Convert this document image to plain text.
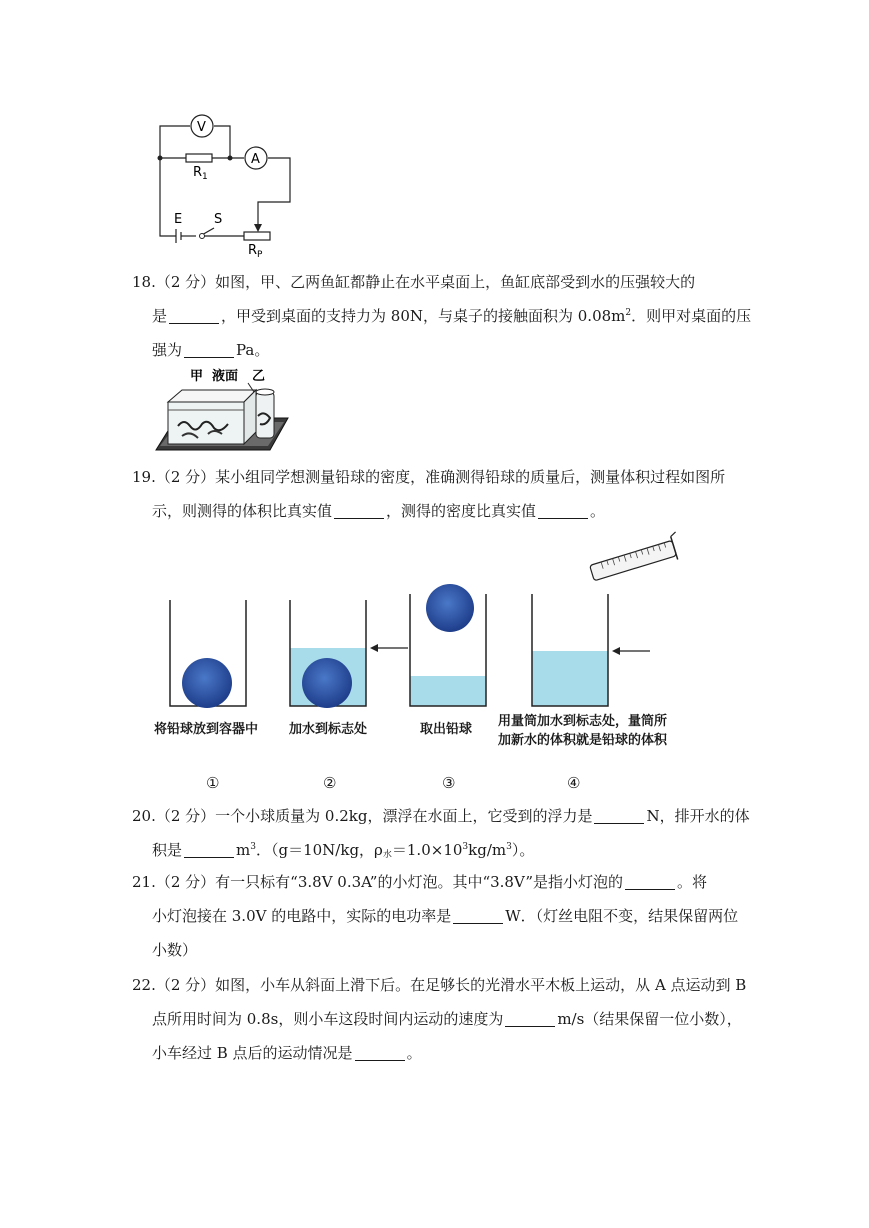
V
A
$R_1$
E S
$R_P$
18.（2 分）如图，甲、乙两鱼缸都静止在水平桌面上，鱼缸底部受到水的压强较大的
是	，甲受到桌面的支持力为 80N，与桌子的接触面积为 $0.08m^2$．则甲对桌面的压
强为	Pa。
甲 液面 乙
19.（2 分）某小组同学想测量铅球的密度，准确测得铅球的质量后，测量体积过程如图所
示，则测得的体积比真实值	，测得的密度比真实值	。
将铅球放到容器中 加水到标志处	取出铅球
用量筒加水到标志处，量筒所加新水的体积就是铅球的体积
①	②	③	④
20.（2 分）一个小球质量为 0.2kg，漂浮在水面上，它受到的浮力是	N，排开水的体
积是	$m^3$．（g＝10N/kg，$\rho_水=1.0\times 10^3kg/m^3$）。
21.（2 分）有一只标有“3.8V 0.3A”的小灯泡。其中“3.8V”是指小灯泡的	。将
小灯泡接在 3.0V 的电路中，实际的电功率是	W．（灯丝电阻不变，结果保留两位
小数）
22.（2 分）如图，小车从斜面上滑下后。在足够长的光滑水平木板上运动，从 A 点运动到 B
点所用时间为 0.8s，则小车这段时间内运动的速度为	m/s（结果保留一位小数），
小车经过 B 点后的运动情况是	。
